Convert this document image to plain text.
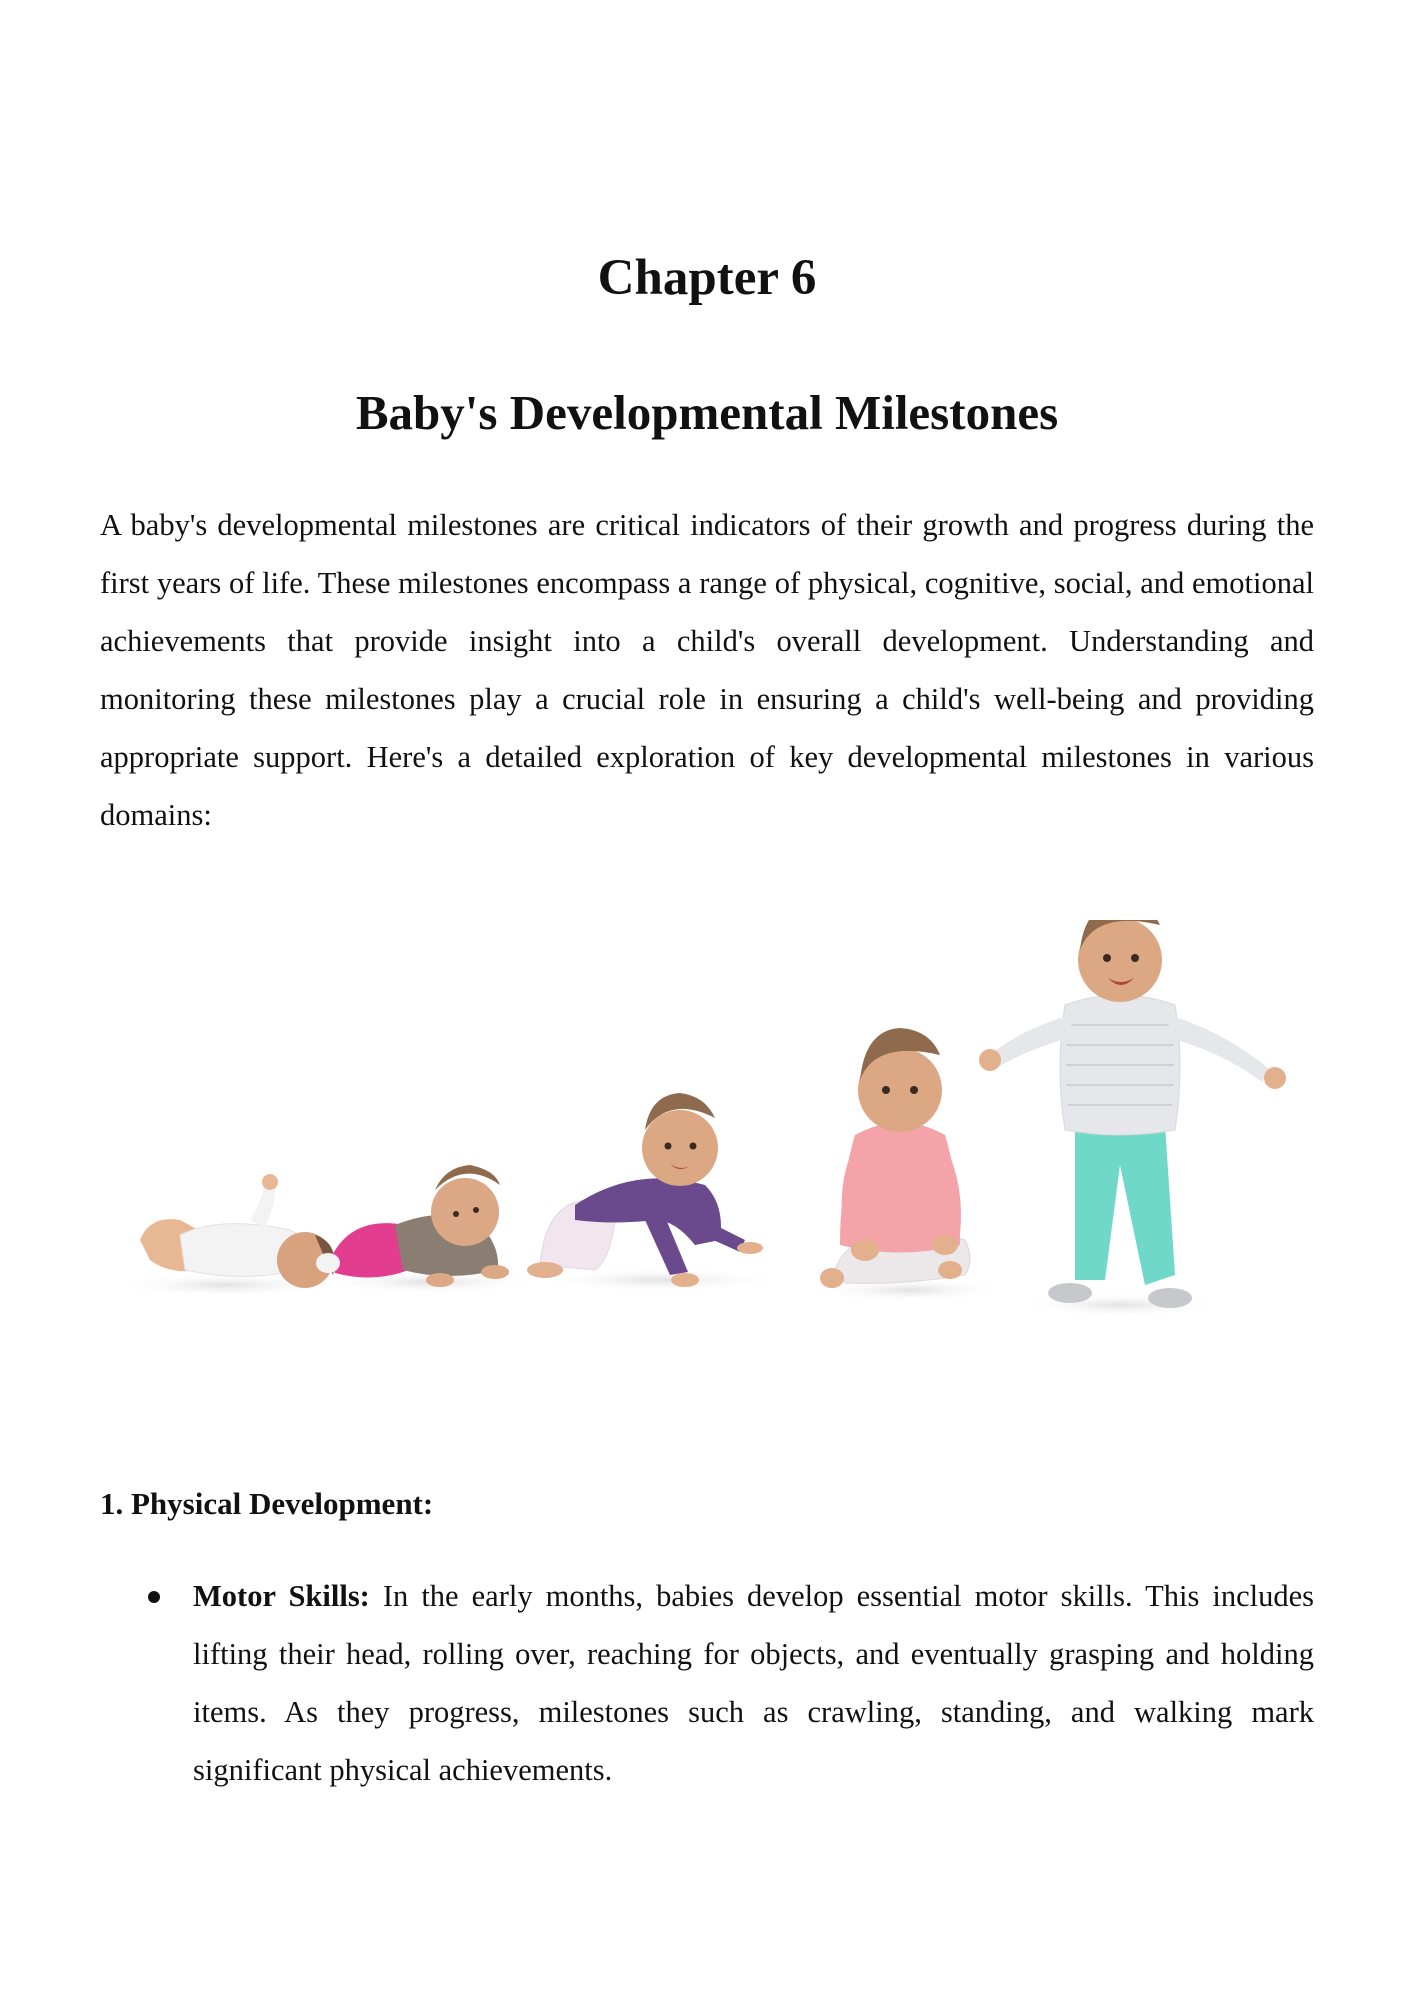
Chapter 6
Baby's Developmental Milestones

A baby's developmental milestones are critical indicators of their growth and progress during the first years of life. These milestones encompass a range of physical, cognitive, social, and emotional achievements that provide insight into a child's overall development. Understanding and monitoring these milestones play a crucial role in ensuring a child's well-being and providing appropriate support. Here's a detailed exploration of key developmental milestones in various domains:

1. Physical Development:
Motor Skills: In the early months, babies develop essential motor skills. This includes lifting their head, rolling over, reaching for objects, and eventually grasping and holding items. As they progress, milestones such as crawling, standing, and walking mark significant physical achievements.
